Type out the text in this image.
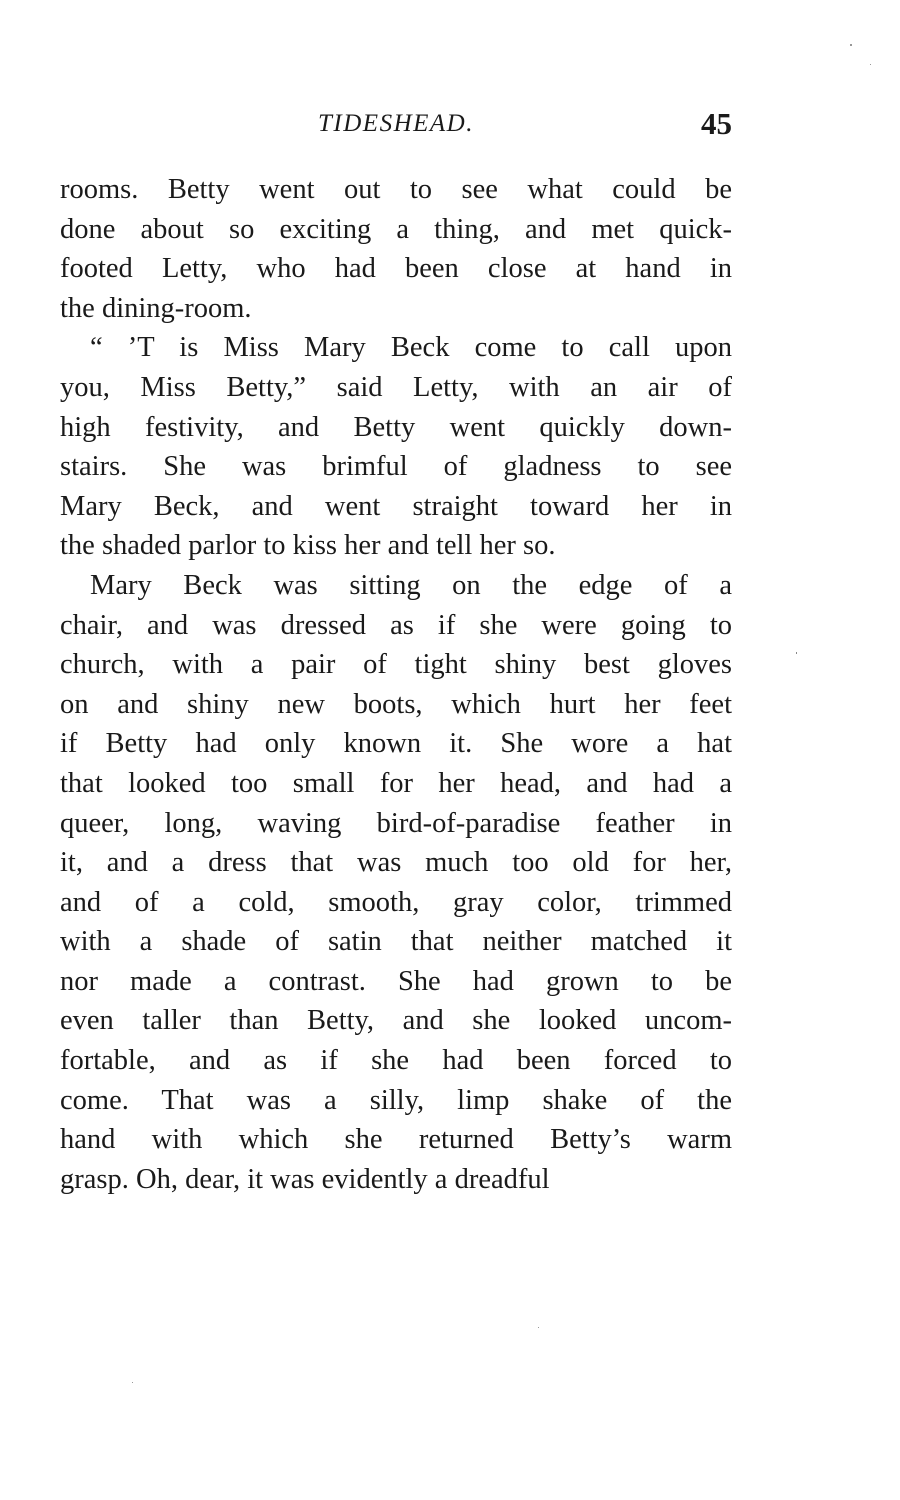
TIDESHEAD.	45
rooms. Betty went out to see what could be
done about so exciting a thing, and met quick-
footed Letty, who had been close at hand in
the dining-room.
“ ’T is Miss Mary Beck come to call upon
you, Miss Betty,” said Letty, with an air of
high festivity, and Betty went quickly down-
stairs. She was brimful of gladness to see
Mary Beck, and went straight toward her in
the shaded parlor to kiss her and tell her so.
Mary Beck was sitting on the edge of a
chair, and was dressed as if she were going to
church, with a pair of tight shiny best gloves
on and shiny new boots, which hurt her feet
if Betty had only known it. She wore a hat
that looked too small for her head, and had a
queer, long, waving bird-of-paradise feather in
it, and a dress that was much too old for her,
and of a cold, smooth, gray color, trimmed
with a shade of satin that neither matched it
nor made a contrast. She had grown to be
even taller than Betty, and she looked uncom-
fortable, and as if she had been forced to
come. That was a silly, limp shake of the
hand with which she returned Betty’s warm
grasp. Oh, dear, it was evidently a dreadful
